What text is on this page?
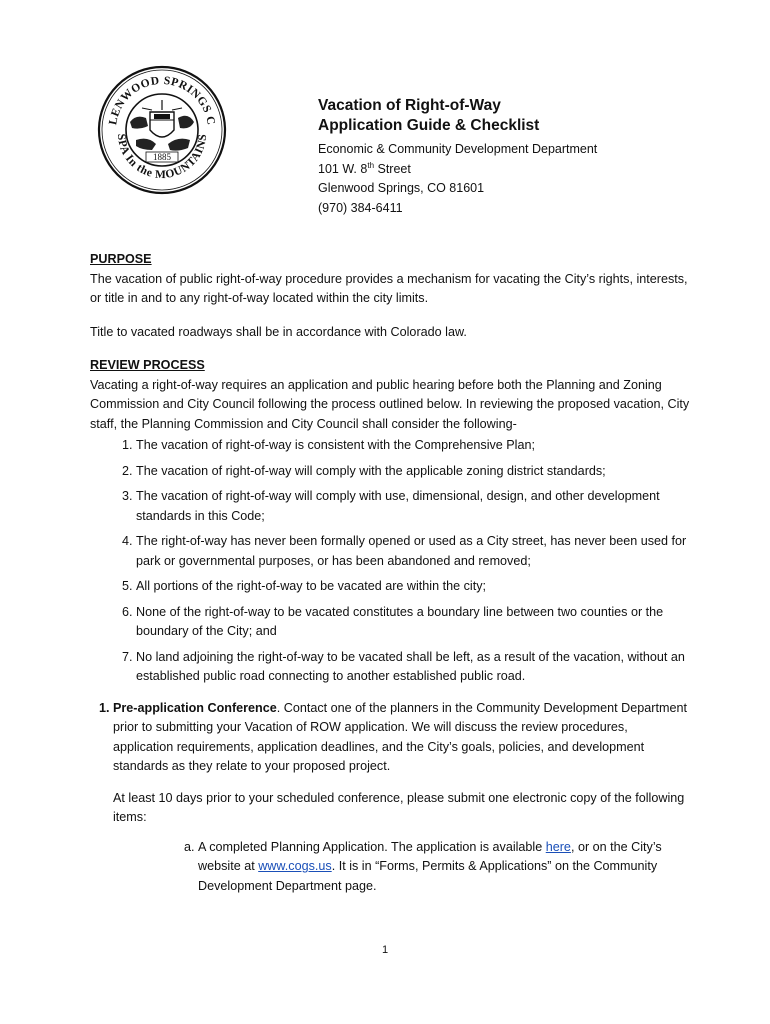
LENWOOD SPRINGS C
SPA In the MOUNTAINS
1885

Vacation of Right-of-Way

Application Guide & Checklist

Economic & Community Development Department

101 W. 8th Street

Glenwood Springs, CO 81601

(970) 384-6411

PURPOSE

The vacation of public right-of-way procedure provides a mechanism for vacating the City’s rights, interests, or title in and to any right-of-way located within the city limits.

Title to vacated roadways shall be in accordance with Colorado law.

REVIEW PROCESS

Vacating a right-of-way requires an application and public hearing before both the Planning and Zoning Commission and City Council following the process outlined below. In reviewing the proposed vacation, City staff, the Planning Commission and City Council shall consider the following-

1. The vacation of right-of-way is consistent with the Comprehensive Plan;
2. The vacation of right-of-way will comply with the applicable zoning district standards;
3. The vacation of right-of-way will comply with use, dimensional, design, and other development standards in this Code;
4. The right-of-way has never been formally opened or used as a City street, has never been used for park or governmental purposes, or has been abandoned and removed;
5. All portions of the right-of-way to be vacated are within the city;
6. None of the right-of-way to be vacated constitutes a boundary line between two counties or the boundary of the City; and
7. No land adjoining the right-of-way to be vacated shall be left, as a result of the vacation, without an established public road connecting to another established public road.
1. Pre-application Conference. Contact one of the planners in the Community Development Department prior to submitting your Vacation of ROW application. We will discuss the review procedures, application requirements, application deadlines, and the City’s goals, policies, and development standards as they relate to your proposed project.

At least 10 days prior to your scheduled conference, please submit one electronic copy of the following items:

a. A completed Planning Application. The application is available here, or on the City’s website at www.cogs.us. It is in “Forms, Permits & Applications” on the Community Development Department page.
1
